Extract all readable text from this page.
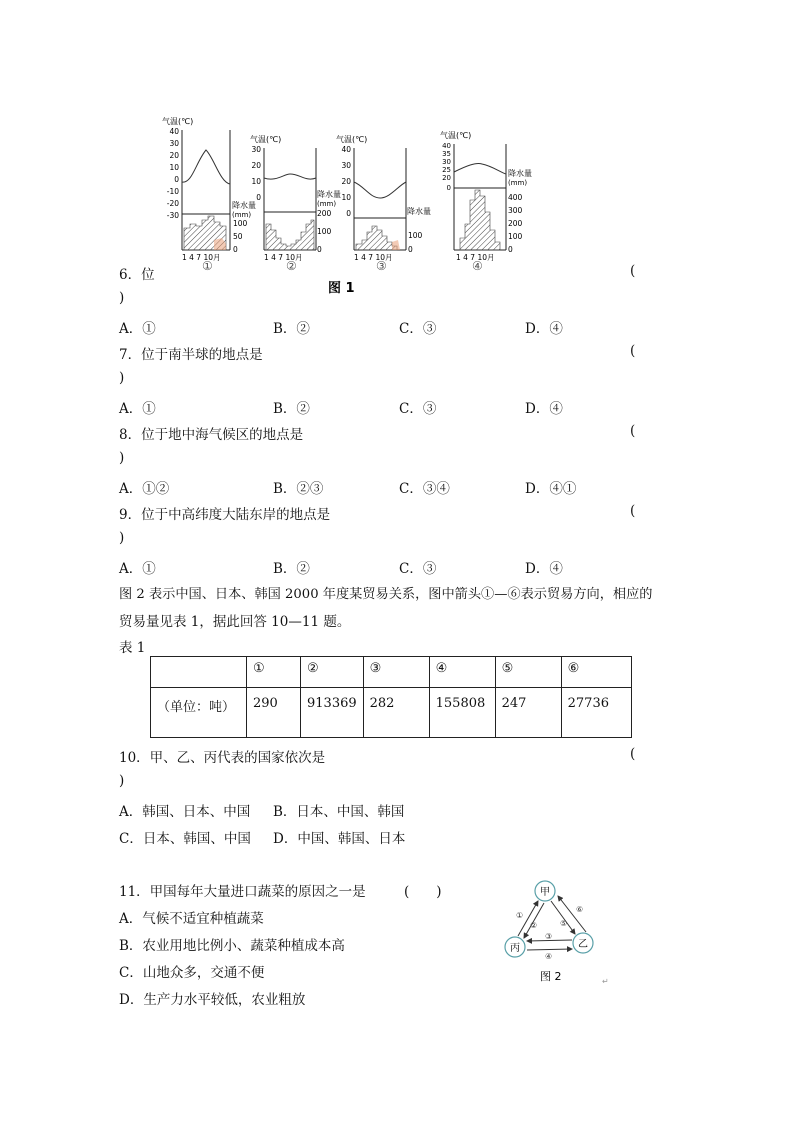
气温(℃)
40
30
20
10
0
-10
-20
-30
降水量
(mm)
100
50
0
1 4 7 10月
①
气温(℃)
30
20
10
0	降水量
(mm)
200
100
0
1 4 7 10月
②
气温(℃)
40
30
20
10
0	降水量
100
0
1 4 7 10月
③
气温(℃)
40
35
30
25
20
0
降水量
(mm)
400
300
200
100
0
1 4 7 10月
④
图 1
6．位	(
)
A．①	B．②	C．③	D．④
7．位于南半球的地点是	(
)
A．①	B．②	C．③	D．④
8．位于地中海气候区的地点是	(
)
A．①②	B．②③	C．③④	D．④①
9．位于中高纬度大陆东岸的地点是	(
)
A．①	B．②	C．③	D．④
图 2 表示中国、日本、韩国 2000 年度某贸易关系，图中箭头①—⑥表示贸易方向，相应的
贸易量见表 1，据此回答 10—11 题。
表 1
	①	②	③	④	⑤	⑥
（单位：吨）	290	913369	282	155808	247	27736
10．甲、乙、丙代表的国家依次是	(
)
A．韩国、日本、中国 B．日本、中国、韩国
C．日本、韩国、中国 D．中国、韩国、日本
11．甲国每年大量进口蔬菜的原因之一是	(　　)
A．气候不适宜种植蔬菜
B．农业用地比例小、蔬菜种植成本高
C．山地众多，交通不便
D．生产力水平较低，农业粗放
甲
乙
丙
①
②
③
④
⑤
⑥
图 2	↵
